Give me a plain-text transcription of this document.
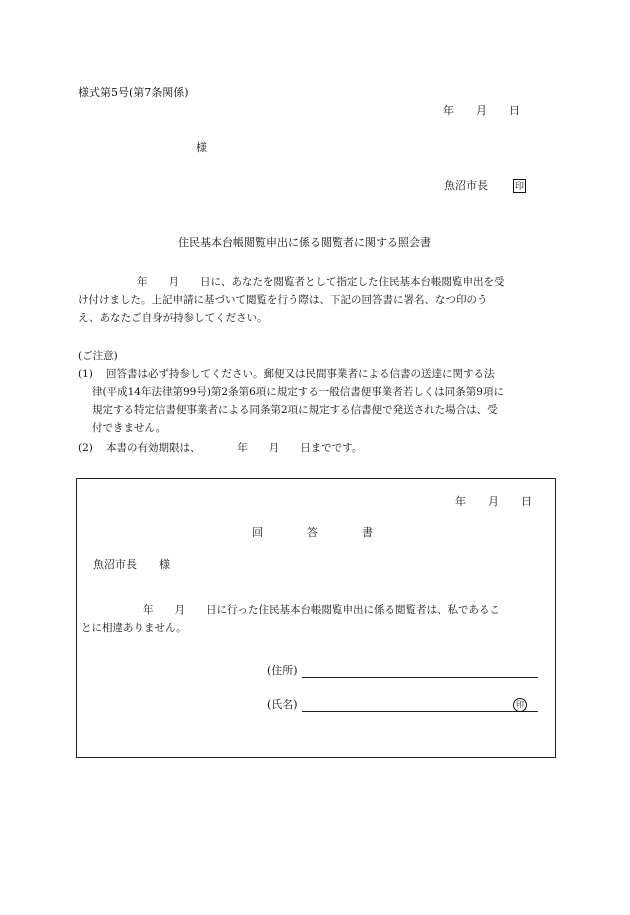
様式第5号(第7条関係)
年　　月　　日
様
魚沼市長	印
住民基本台帳閲覧申出に係る閲覧者に関する照会書
年　　月　　日に、あなたを閲覧者として指定した住民基本台帳閲覧申出を受
け付けました。上記申請に基づいて閲覧を行う際は、下記の回答書に署名、なつ印のう
え、あなたご自身が持参してください。
(ご注意)
(1) 回答書は必ず持参してください。郵便又は民間事業者による信書の送達に関する法
律(平成14年法律第99号)第2条第6項に規定する一般信書便事業者若しくは同条第9項に
規定する特定信書便事業者による同条第2項に規定する信書便で発送された場合は、受
付できません。
(2) 本書の有効期限は、　　　　年　　月　　日までです。
年　　月　　日
回　　　　答　　　　書
魚沼市長　　様
年　　月　　日に行った住民基本台帳閲覧申出に係る閲覧者は、私であるこ
とに相違ありません。
(住所)
(氏名)	印
